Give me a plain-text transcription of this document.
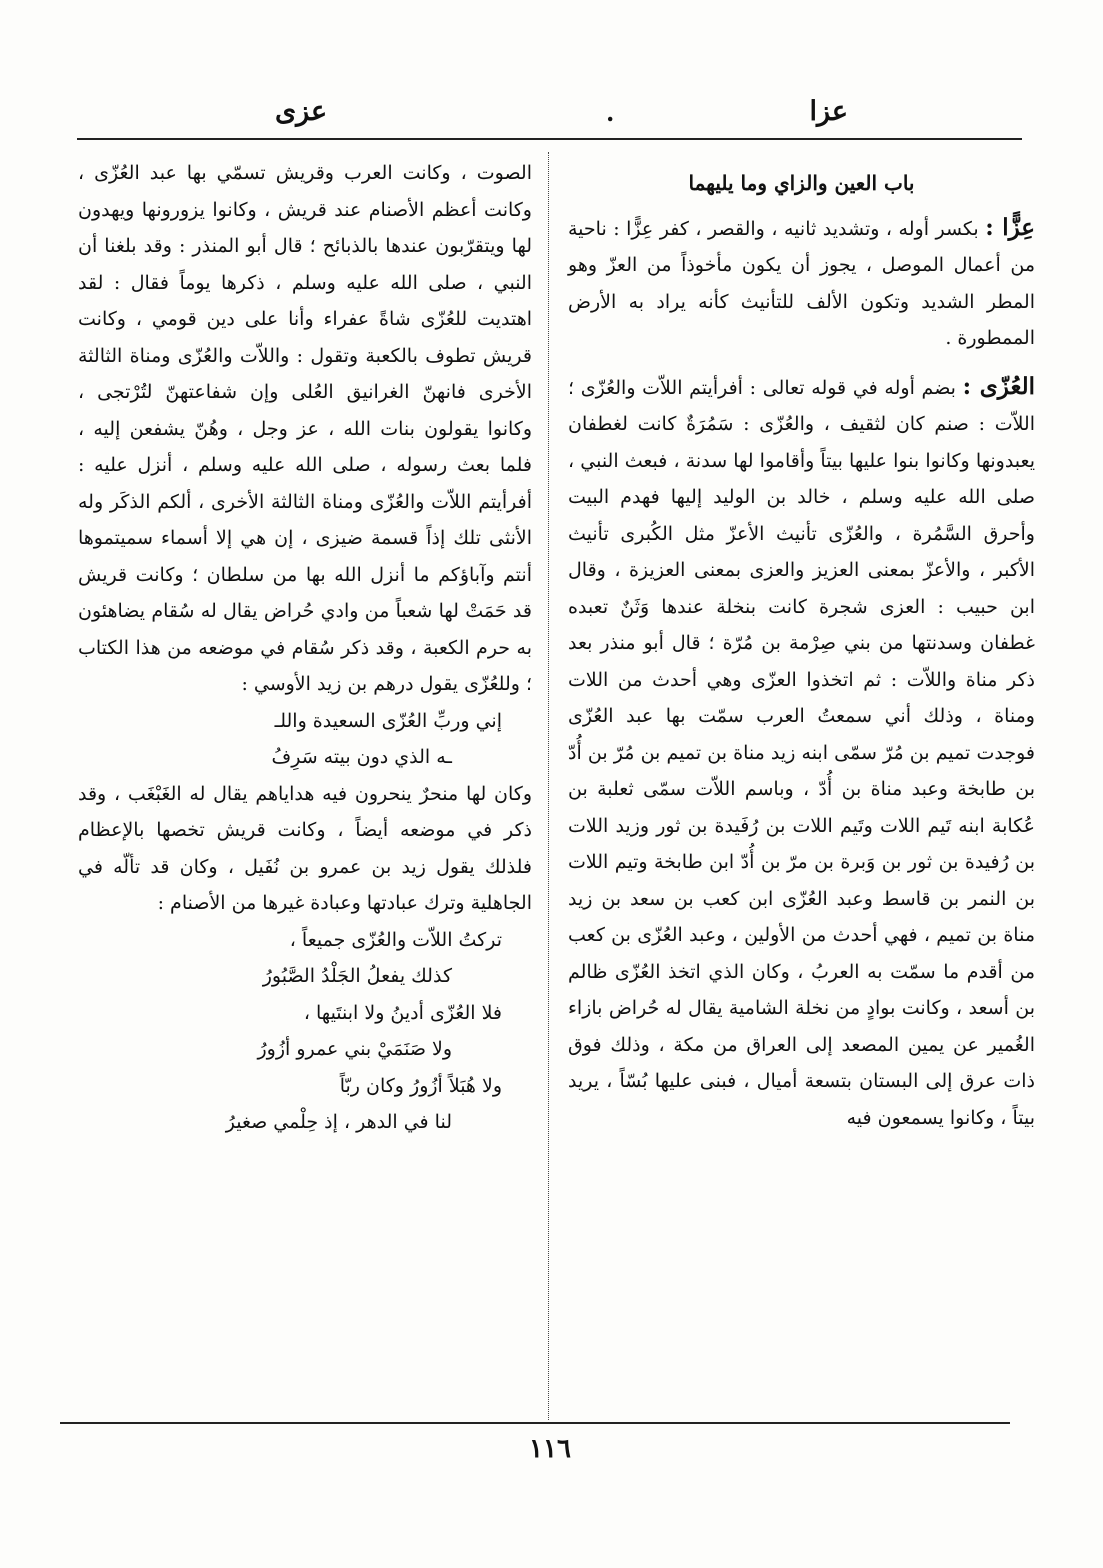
عزا
.
عزى

باب العين والزاي وما يليهما

عِزًّا : بكسر أوله ، وتشديد ثانيه ، والقصر ، كفر عِزًّا : ناحية من أعمال الموصل ، يجوز أن يكون مأخوذاً من العزّ وهو المطر الشديد وتكون الألف للتأنيث كأنه يراد به الأرض الممطورة .

العُزّى : بضم أوله في قوله تعالى : أفرأيتم اللاّت والعُزّى ؛ اللاّت : صنم كان لثقيف ، والعُزّى : سَمُرَةٌ كانت لغطفان يعبدونها وكانوا بنوا عليها بيتاً وأقاموا لها سدنة ، فبعث النبي ، صلى الله عليه وسلم ، خالد بن الوليد إليها فهدم البيت وأحرق السَّمُرة ، والعُزّى تأنيث الأعزّ مثل الكُبرى تأنيث الأكبر ، والأعزّ بمعنى العزيز والعزى بمعنى العزيزة ، وقال ابن حبيب : العزى شجرة كانت بنخلة عندها وَثَنٌ تعبده غطفان وسدنتها من بني صِرْمة بن مُرّة ؛ قال أبو منذر بعد ذكر مناة واللاّت : ثم اتخذوا العزّى وهي أحدث من اللات ومناة ، وذلك أني سمعتُ العرب سمّت بها عبد العُزّى فوجدت تميم بن مُرّ سمّى ابنه زيد مناة بن تميم بن مُرّ بن أُدّ بن طابخة وعبد مناة بن أُدّ ، وباسم اللاّت سمّى ثعلبة بن عُكابة ابنه تَيم اللات وتَيم اللات بن رُفَيدة بن ثور وزيد اللات بن رُفيدة بن ثور بن وَبرة بن مرّ بن أُدّ ابن طابخة وتيم اللات بن النمر بن قاسط وعبد العُزّى ابن كعب بن سعد بن زيد مناة بن تميم ، فهي أحدث من الأولين ، وعبد العُزّى بن كعب من أقدم ما سمّت به العربُ ، وكان الذي اتخذ العُزّى ظالم بن أسعد ، وكانت بوادٍ من نخلة الشامية يقال له حُراض بازاء الغُمير عن يمين المصعد إلى العراق من مكة ، وذلك فوق ذات عرق إلى البستان بتسعة أميال ، فبنى عليها بُسّاً ، يريد بيتاً ، وكانوا يسمعون فيه

الصوت ، وكانت العرب وقريش تسمّي بها عبد العُزّى ، وكانت أعظم الأصنام عند قريش ، وكانوا يزورونها ويهدون لها ويتقرّبون عندها بالذبائح ؛ قال أبو المنذر : وقد بلغنا أن النبي ، صلى الله عليه وسلم ، ذكرها يوماً فقال : لقد اهتديت للعُزّى شاةً عفراء وأنا على دين قومي ، وكانت قريش تطوف بالكعبة وتقول : واللاّت والعُزّى ومناة الثالثة الأخرى فانهنّ الغرانيق العُلى وإن شفاعتهنّ لتُرْتجى ، وكانوا يقولون بنات الله ، عز وجل ، وهُنّ يشفعن إليه ، فلما بعث رسوله ، صلى الله عليه وسلم ، أنزل عليه : أفرأيتم اللاّت والعُزّى ومناة الثالثة الأخرى ، ألكم الذكَر وله الأنثى تلك إذاً قسمة ضيزى ، إن هي إلا أسماء سميتموها أنتم وآباؤكم ما أنزل الله بها من سلطان ؛ وكانت قريش قد حَمَتْ لها شعباً من وادي حُراض يقال له سُقام يضاهئون به حرم الكعبة ، وقد ذكر سُقام في موضعه من هذا الكتاب ؛ وللعُزّى يقول درهم بن زيد الأوسي :

إني وربِّ العُزّى السعيدة واللـ

ـه الذي دون بيته سَرِفُ

وكان لها منحرٌ ينحرون فيه هداياهم يقال له الغَبْغَب ، وقد ذكر في موضعه أيضاً ، وكانت قريش تخصها بالإعظام فلذلك يقول زيد بن عمرو بن نُفَيل ، وكان قد تألّه في الجاهلية وترك عبادتها وعبادة غيرها من الأصنام :

تركتُ اللاّت والعُزّى جميعاً ،

كذلك يفعلُ الجَلْدُ الصَّبُورُ

فلا العُزّى أدينُ ولا ابنتَيها ،

ولا صَنَمَيْ بني عمرو أزُورُ

ولا هُبَلاً أزُورُ وكان ربّاً

لنا في الدهر ، إذ حِلْمي صغيرُ

١١٦
